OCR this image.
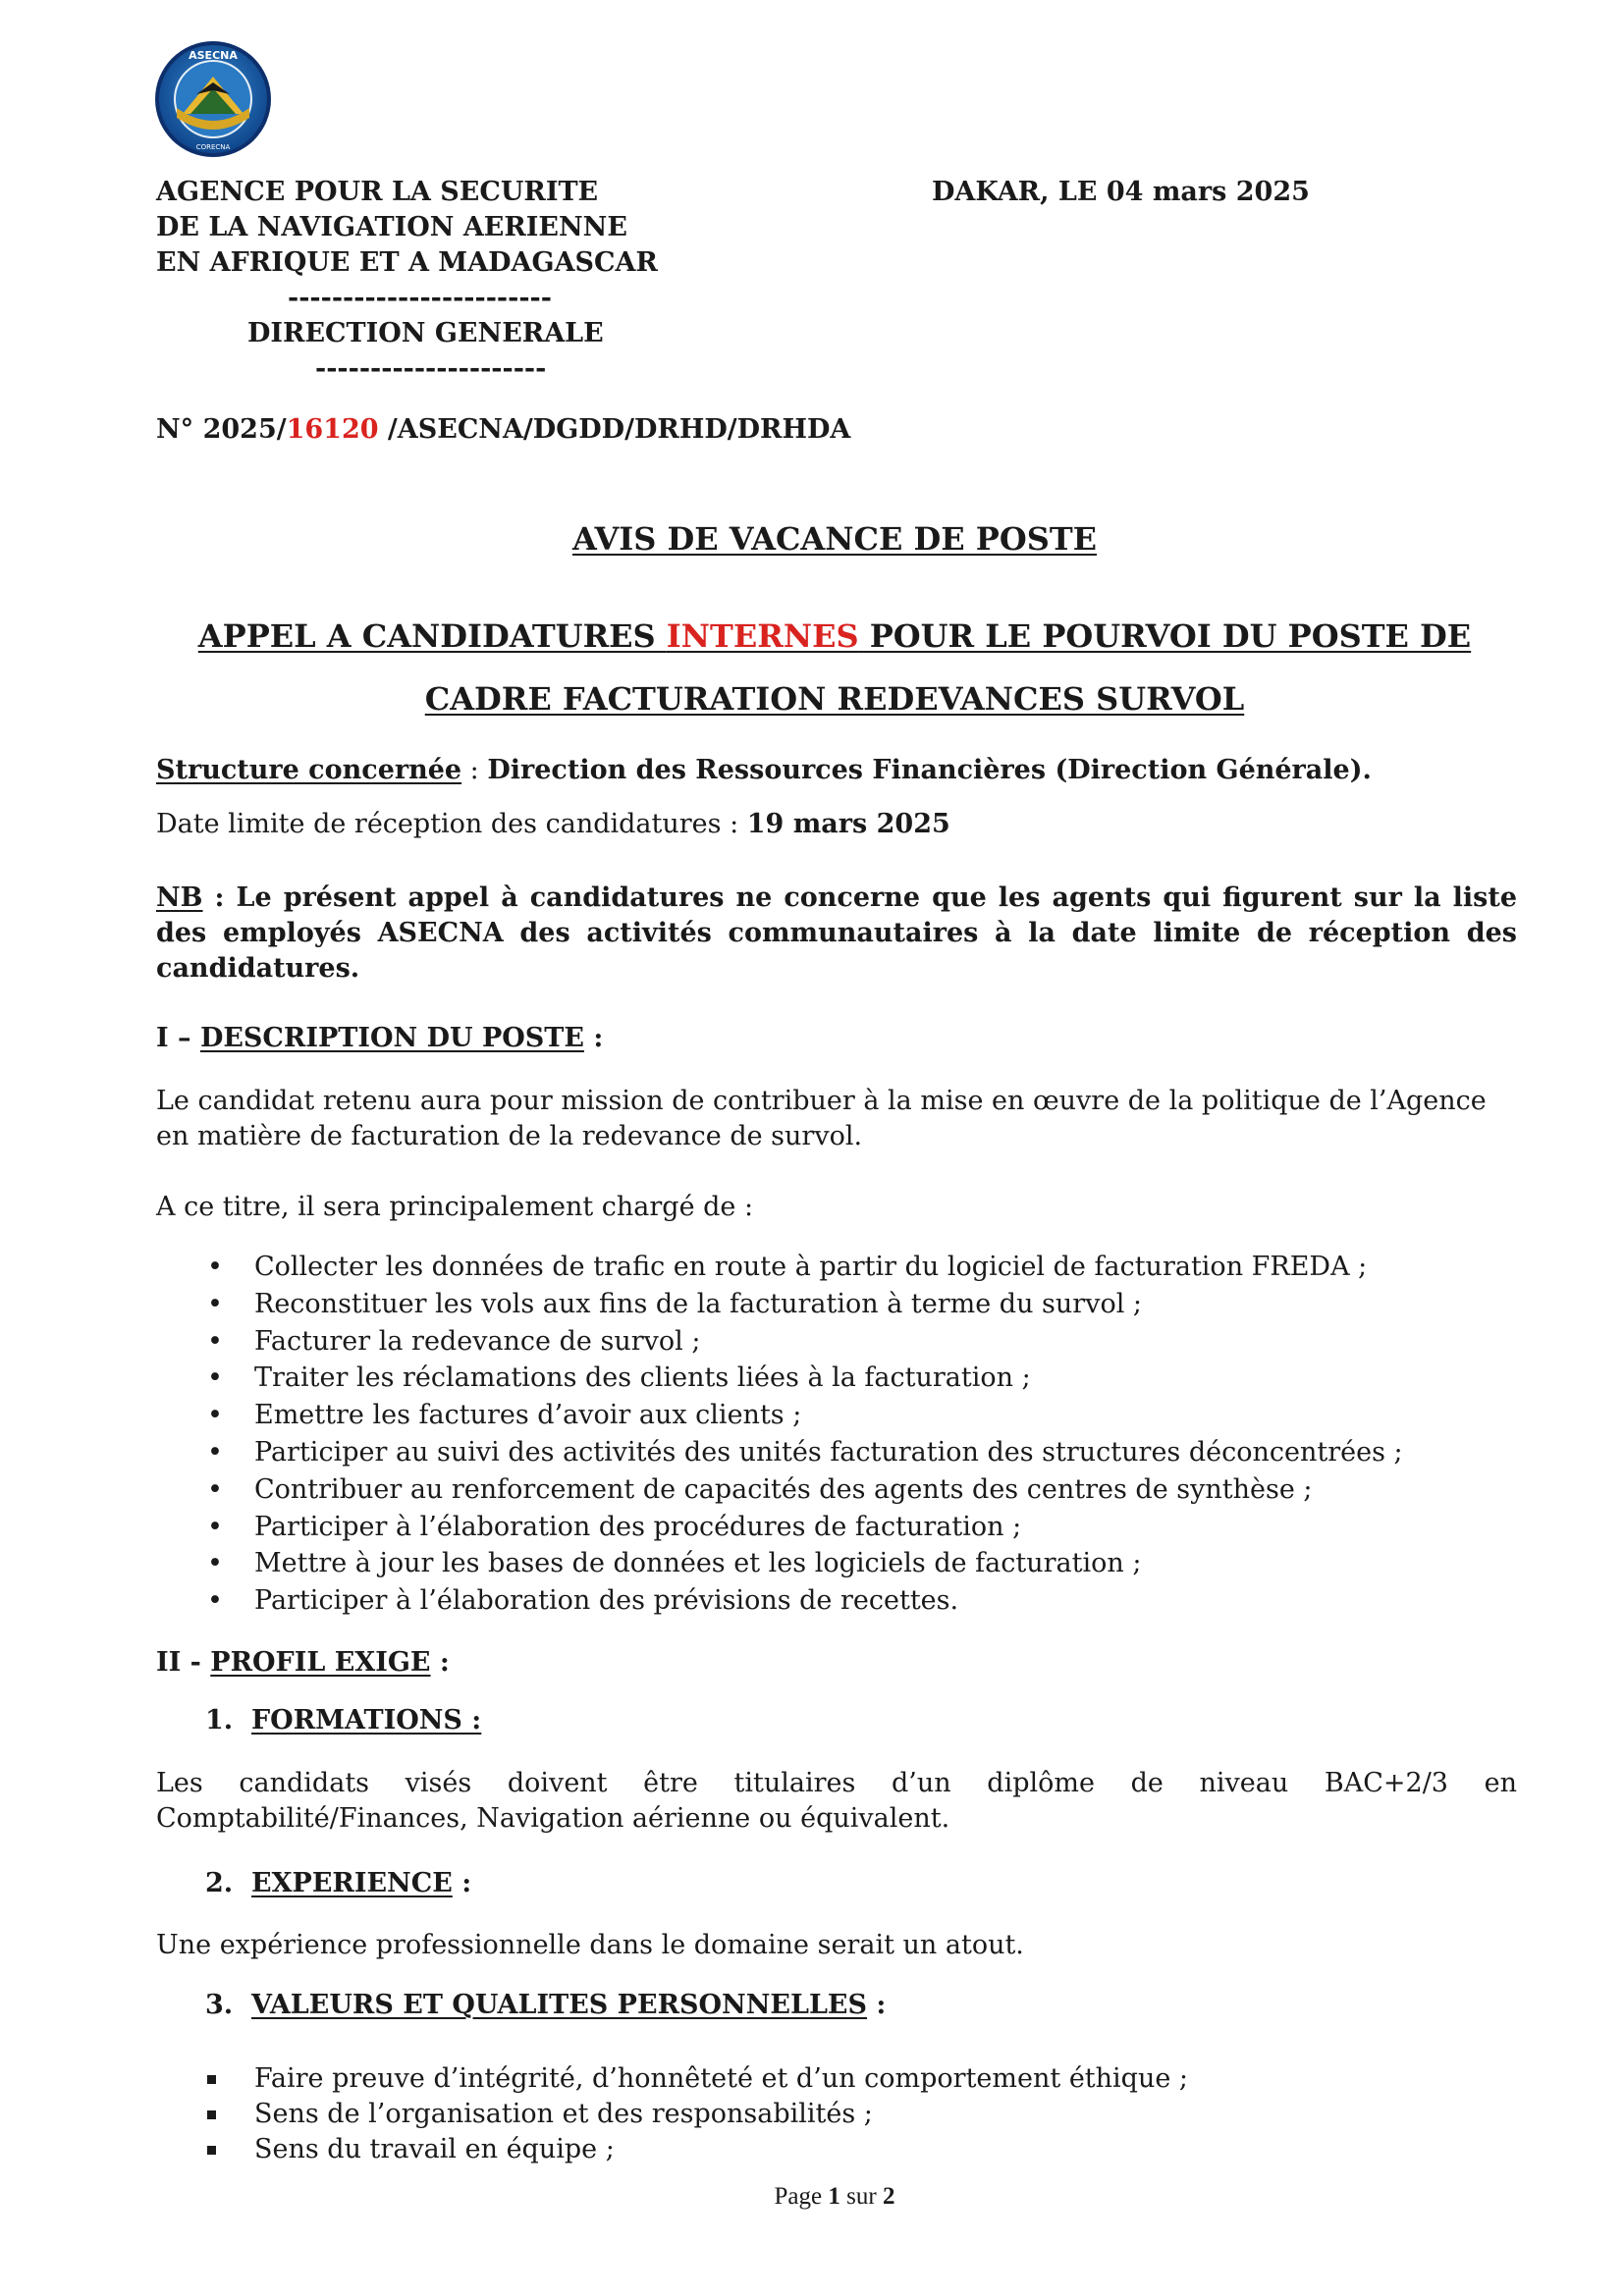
ASECNA
CORECNA
AGENCE POUR LA SECURITE
DE LA NAVIGATION AERIENNE
EN AFRIQUE ET A MADAGASCAR
------------------------
DIRECTION GENERALE
---------------------
DAKAR, LE 04 mars 2025
N° 2025/16120 /ASECNA/DGDD/DRHD/DRHDA
AVIS DE VACANCE DE POSTE
APPEL A CANDIDATURES INTERNES POUR LE POURVOI DU POSTE DE
CADRE FACTURATION REDEVANCES SURVOL
Structure concernée : Direction des Ressources Financières (Direction Générale).
Date limite de réception des candidatures : 19 mars 2025
NB : Le présent appel à candidatures ne concerne que les agents qui figurent sur la liste des employés ASECNA des activités communautaires à la date limite de réception des candidatures.
I – DESCRIPTION DU POSTE :
Le candidat retenu aura pour mission de contribuer à la mise en œuvre de la politique de l’Agence en matière de facturation de la redevance de survol.
A ce titre, il sera principalement chargé de :
• Collecter les données de trafic en route à partir du logiciel de facturation FREDA ;
• Reconstituer les vols aux fins de la facturation à terme du survol ;
• Facturer la redevance de survol ;
• Traiter les réclamations des clients liées à la facturation ;
• Emettre les factures d’avoir aux clients ;
• Participer au suivi des activités des unités facturation des structures déconcentrées ;
• Contribuer au renforcement de capacités des agents des centres de synthèse ;
• Participer à l’élaboration des procédures de facturation ;
• Mettre à jour les bases de données et les logiciels de facturation ;
• Participer à l’élaboration des prévisions de recettes.
II - PROFIL EXIGE :
1. FORMATIONS :
Les candidats visés doivent être titulaires d’un diplôme de niveau BAC+2/3 en Comptabilité/Finances, Navigation aérienne ou équivalent.
2. EXPERIENCE :
Une expérience professionnelle dans le domaine serait un atout.
3. VALEURS ET QUALITES PERSONNELLES :
Faire preuve d’intégrité, d’honnêteté et d’un comportement éthique ;
Sens de l’organisation et des responsabilités ;
Sens du travail en équipe ;
Page 1 sur 2
